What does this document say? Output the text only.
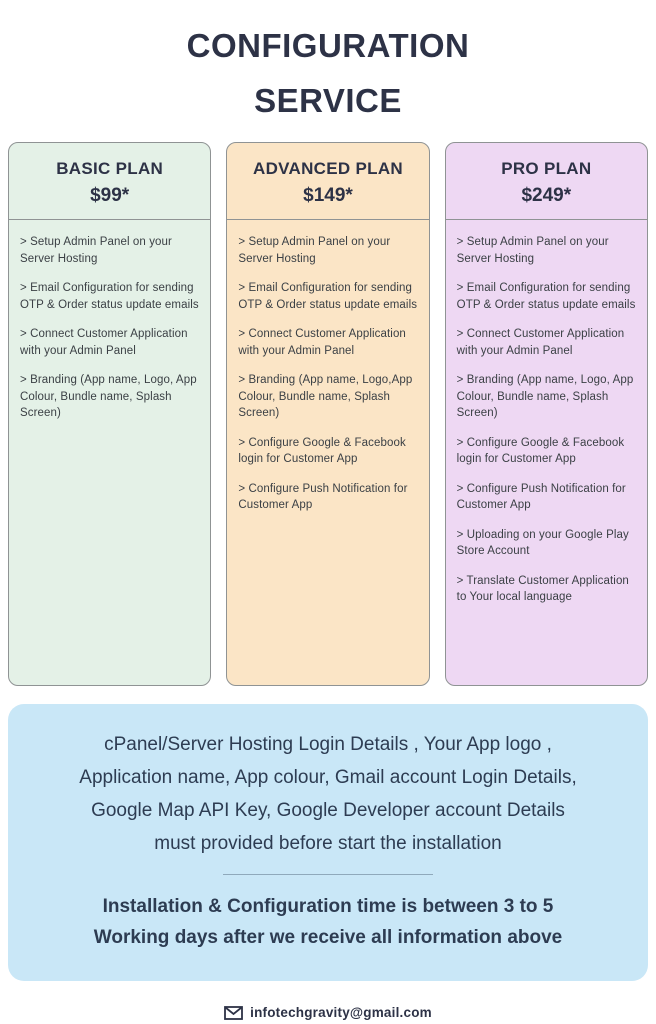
CONFIGURATION
SERVICE
BASIC PLAN
$99*
> Setup Admin Panel on your Server Hosting
> Email Configuration for sending OTP & Order status update emails
> Connect Customer Application with your Admin Panel
> Branding (App name, Logo, App Colour, Bundle name, Splash Screen)
ADVANCED PLAN
$149*
> Setup Admin Panel on your Server Hosting
> Email Configuration for sending OTP & Order status update emails
> Connect Customer Application with your Admin Panel
> Branding (App name, Logo,App Colour, Bundle name, Splash Screen)
> Configure Google & Facebook login for Customer App
> Configure Push Notification for Customer App
PRO PLAN
$249*
> Setup Admin Panel on your Server Hosting
> Email Configuration for sending OTP & Order status update emails
> Connect Customer Application with your Admin Panel
> Branding (App name, Logo, App Colour, Bundle name, Splash Screen)
> Configure Google & Facebook login for Customer App
> Configure Push Notification for Customer App
> Uploading on your Google Play Store Account
> Translate Customer Application to Your local language
cPanel/Server Hosting Login Details , Your App logo ,
Application name, App colour, Gmail account Login Details,
Google Map API Key, Google Developer account Details
must provided before start the installation
Installation & Configuration time is between 3 to 5
Working days after we receive all information above
infotechgravity@gmail.com
